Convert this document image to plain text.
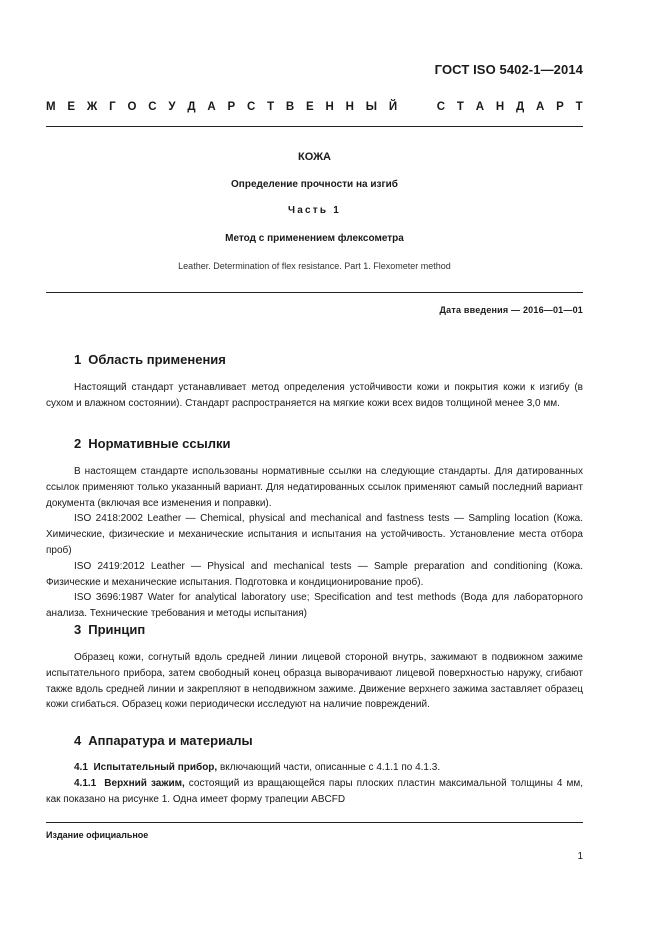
ГОСТ ISO 5402-1—2014
М Е Ж Г О С У Д А Р С Т В Е Н Н Ы Й	С Т А Н Д А Р Т
КОЖА
Определение прочности на изгиб
Часть 1
Метод с применением флексометра
Leather. Determination of flex resistance. Part 1. Flexometer method
Дата введения — 2016—01—01
1 Область применения

Настоящий стандарт устанавливает метод определения устойчивости кожи и покрытия кожи к изгибу (в сухом и влажном состоянии). Стандарт распространяется на мягкие кожи всех видов толщиной менее 3,0 мм.

2 Нормативные ссылки

В настоящем стандарте использованы нормативные ссылки на следующие стандарты. Для датированных ссылок применяют только указанный вариант. Для недатированных ссылок применяют самый последний вариант документа (включая все изменения и поправки).

ISO 2418:2002 Leather — Chemical, physical and mechanical and fastness tests — Sampling location (Кожа. Химические, физические и механические испытания и испытания на устойчивость. Установление места отбора проб)

ISO 2419:2012 Leather — Physical and mechanical tests — Sample preparation and conditioning (Кожа. Физические и механические испытания. Подготовка и кондиционирование проб).

ISO 3696:1987 Water for analytical laboratory use; Specification and test methods (Вода для лабораторного анализа. Технические требования и методы испытания)

3 Принцип

Образец кожи, согнутый вдоль средней линии лицевой стороной внутрь, зажимают в подвижном зажиме испытательного прибора, затем свободный конец образца выворачивают лицевой поверхностью наружу, сгибают также вдоль средней линии и закрепляют в неподвижном зажиме. Движение верхнего зажима заставляет образец кожи сгибаться. Образец кожи периодически исследуют на наличие повреждений.

4 Аппаратура и материалы

4.1 Испытательный прибор, включающий части, описанные с 4.1.1 по 4.1.3.

4.1.1 Верхний зажим, состоящий из вращающейся пары плоских пластин максимальной толщины 4 мм, как показано на рисунке 1. Одна имеет форму трапеции ABCFD

Издание официальное
1
